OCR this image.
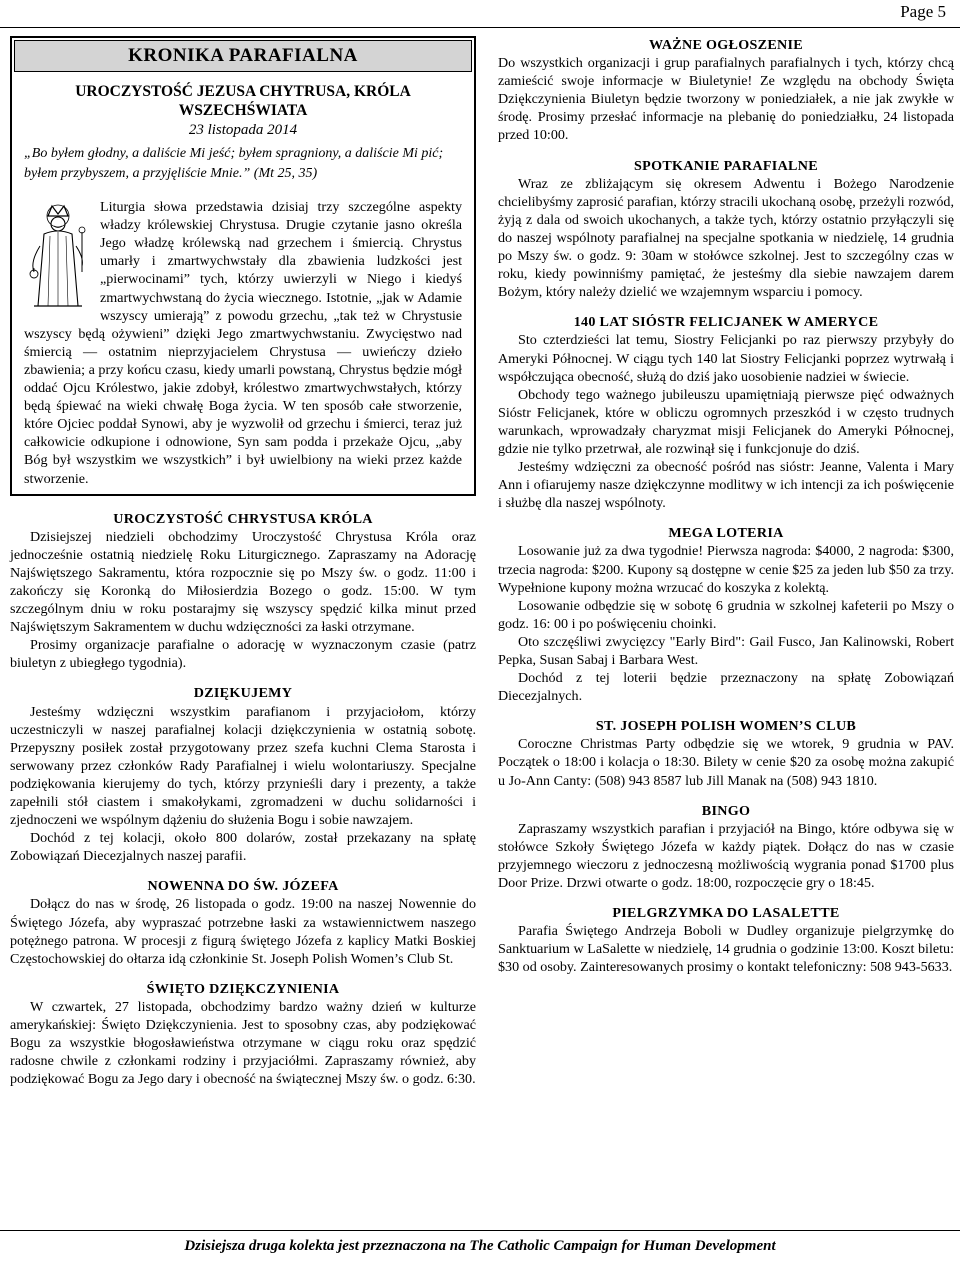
Page 5
KRONIKA PARAFIALNA
UROCZYSTOŚĆ JEZUSA CHYTRUSA, KRÓLA WSZECHŚWIATA
23 listopada 2014
„Bo byłem głodny, a daliście Mi jeść; byłem spragniony, a daliście Mi pić; byłem przybyszem, a przyjęliście Mnie.” (Mt 25, 35)

Liturgia słowa przedstawia dzisiaj trzy szczególne aspekty władzy królewskiej Chrystusa. Drugie czytanie jasno określa Jego władzę królewską nad grzechem i śmiercią. Chrystus umarły i zmartwychwstały dla zbawienia ludzkości jest „pierwocinami” tych, którzy uwierzyli w Niego i kiedyś zmartwychwstaną do życia wiecznego. Istotnie, „jak w Adamie wszyscy umierają” z powodu grzechu, „tak też w Chrystusie wszyscy będą ożywieni” dzięki Jego zmartwychwstaniu. Zwycięstwo nad śmiercią — ostatnim nieprzyjacielem Chrystusa — uwieńczy dzieło zbawienia; a przy końcu czasu, kiedy umarli powstaną, Chrystus będzie mógł oddać Ojcu Królestwo, jakie zdobył, królestwo zmartwychwstałych, którzy będą śpiewać na wieki chwałę Boga życia. W ten sposób całe stworzenie, które Ojciec poddał Synowi, aby je wyzwolił od grzechu i śmierci, teraz już całkowicie odkupione i odnowione, Syn sam podda i przekaże Ojcu, „aby Bóg był wszystkim we wszystkich” i był uwielbiony na wieki przez każde stworzenie.

UROCZYSTOŚĆ CHRYSTUSA KRÓLA

Dzisiejszej niedzieli obchodzimy Uroczystość Chrystusa Króla oraz jednocześnie ostatnią niedzielę Roku Liturgicznego. Zapraszamy na Adorację Najświętszego Sakramentu, która rozpocznie się po Mszy św. o godz. 11:00 i zakończy się Koronką do Miłosierdzia Bozego o godz. 15:00. W tym szczególnym dniu w roku postarajmy się wszyscy spędzić kilka minut przed Najświętszym Sakramentem w duchu wdzięczności za łaski otrzymane.

Prosimy organizacje parafialne o adorację w wyznaczonym czasie (patrz biuletyn z ubiegłego tygodnia).

DZIĘKUJEMY

Jesteśmy wdzięczni wszystkim parafianom i przyjaciołom, którzy uczestniczyli w naszej parafialnej kolacji dziękczynienia w ostatnią sobotę. Przepyszny posiłek został przygotowany przez szefa kuchni Clema Starosta i serwowany przez członków Rady Parafialnej i wielu wolontariuszy. Specjalne podziękowania kierujemy do tych, którzy przynieśli dary i prezenty, a także zapełnili stół ciastem i smakołykami, zgromadzeni w duchu solidarności i zjednoczeni we wspólnym dążeniu do służenia Bogu i sobie nawzajem.

Dochód z tej kolacji, około 800 dolarów, został przekazany na spłatę Zobowiązań Diecezjalnych naszej parafii.

NOWENNA DO ŚW. JÓZEFA

Dołącz do nas w środę, 26 listopada o godz. 19:00 na naszej Nowennie do Świętego Józefa, aby wypraszać potrzebne łaski za wstawiennictwem naszego potężnego patrona. W procesji z figurą świętego Józefa z kaplicy Matki Boskiej Częstochowskiej do ołtarza idą członkinie St. Joseph Polish Women’s Club St.

ŚWIĘTO DZIĘKCZYNIENIA

W czwartek, 27 listopada, obchodzimy bardzo ważny dzień w kulturze amerykańskiej: Święto Dziękczynienia. Jest to sposobny czas, aby podziękować Bogu za wszystkie błogosławieństwa otrzymane w ciągu roku oraz spędzić radosne chwile z członkami rodziny i przyjaciółmi. Zapraszamy również, aby podziękować Bogu za Jego dary i obecność na świątecznej Mszy św. o godz. 6:30.

WAŻNE OGŁOSZENIE

Do wszystkich organizacji i grup parafialnych parafialnych i tych, którzy chcą zamieścić swoje informacje w Biuletynie! Ze względu na obchody Święta Dziękczynienia Biuletyn będzie tworzony w poniedziałek, a nie jak zwykłe w środę. Prosimy przesłać informacje na plebanię do poniedziałku, 24 listopada przed 10:00.

SPOTKANIE PARAFIALNE

Wraz ze zbliżającym się okresem Adwentu i Bożego Narodzenie chcielibyśmy zaprosić parafian, którzy stracili ukochaną osobę, przeżyli rozwód, żyją z dala od swoich ukochanych, a także tych, którzy ostatnio przyłączyli się do naszej wspólnoty parafialnej na specjalne spotkania w niedzielę, 14 grudnia po Mszy św. o godz. 9: 30am w stołówce szkolnej. Jest to szczególny czas w roku, kiedy powinniśmy pamiętać, że jesteśmy dla siebie nawzajem darem Bożym, który należy dzielić we wzajemnym wsparciu i pomocy.

140 LAT SIÓSTR FELICJANEK W AMERYCE

Sto czterdzieści lat temu, Siostry Felicjanki po raz pierwszy przybyły do Ameryki Północnej. W ciągu tych 140 lat Siostry Felicjanki poprzez wytrwałą i współczująca obecność, służą do dziś jako uosobienie nadziei w świecie.

Obchody tego ważnego jubileuszu upamiętniają pierwsze pięć odważnych Sióstr Felicjanek, które w obliczu ogromnych przeszkód i w często trudnych warunkach, wprowadzały charyzmat misji Felicjanek do Ameryki Północnej, gdzie nie tylko przetrwał, ale rozwinął się i funkcjonuje do dziś.

Jesteśmy wdzięczni za obecność pośród nas sióstr: Jeanne, Valenta i Mary Ann i ofiarujemy nasze dziękczynne modlitwy w ich intencji za ich poświęcenie i służbę dla naszej wspólnoty.

MEGA LOTERIA

Losowanie już za dwa tygodnie! Pierwsza nagroda: $4000, 2 nagroda: $300, trzecia nagroda: $200. Kupony są dostępne w cenie $25 za jeden lub $50 za trzy. Wypełnione kupony można wrzucać do koszyka z kolektą.

Losowanie odbędzie się w sobotę 6 grudnia w szkolnej kafeterii po Mszy o godz. 16: 00 i po poświęceniu choinki.

Oto szczęśliwi zwycięzcy "Early Bird": Gail Fusco, Jan Kalinowski, Robert Pepka, Susan Sabaj i Barbara West.

Dochód z tej loterii będzie przeznaczony na spłatę Zobowiązań Diecezjalnych.

ST. JOSEPH POLISH WOMEN’S CLUB

Coroczne Christmas Party odbędzie się we wtorek, 9 grudnia w PAV. Początek o 18:00 i kolacja o 18:30. Bilety w cenie $20 za osobę można zakupić u Jo-Ann Canty: (508) 943 8587 lub Jill Manak na (508) 943 1810.

BINGO

Zapraszamy wszystkich parafian i przyjaciół na Bingo, które odbywa się w stołówce Szkoły Świętego Józefa w każdy piątek. Dołącz do nas w czasie przyjemnego wieczoru z jednoczesną możliwością wygrania ponad $1700 plus Door Prize. Drzwi otwarte o godz. 18:00, rozpoczęcie gry o 18:45.

PIELGRZYMKA DO LASALETTE

Parafia Świętego Andrzeja Boboli w Dudley organizuje pielgrzymkę do Sanktuarium w LaSalette w niedzielę, 14 grudnia o godzinie 13:00. Koszt biletu: $30 od osoby. Zainteresowanych prosimy o kontakt telefoniczny: 508 943-5633.

Dzisiejsza druga kolekta jest przeznaczona na The Catholic Campaign for Human Development
